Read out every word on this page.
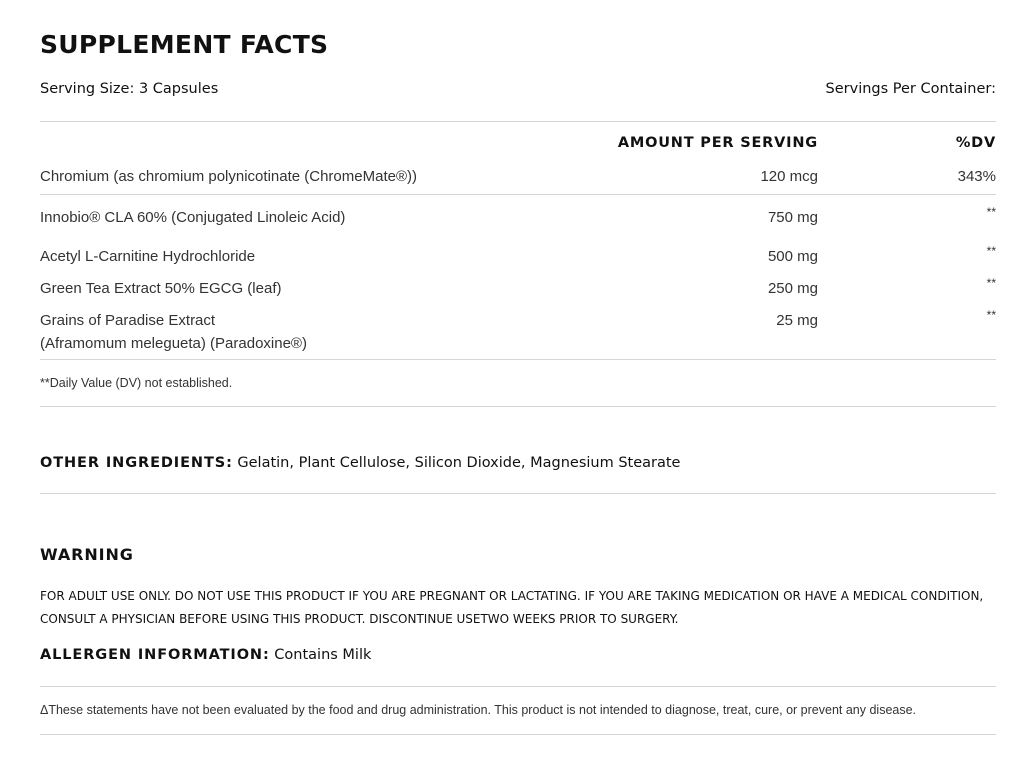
SUPPLEMENT FACTS
Serving Size: 3 Capsules	Servings Per Container:
AMOUNT PER SERVING	%DV
Chromium (as chromium polynicotinate (ChromeMate®))	120 mcg	343%
Innobio® CLA 60% (Conjugated Linoleic Acid)	750 mg	**
Acetyl L-Carnitine Hydrochloride	500 mg	**
Green Tea Extract 50% EGCG (leaf)	250 mg	**
Grains of Paradise Extract
(Aframomum melegueta) (Paradoxine®)
25 mg	**
**Daily Value (DV) not established.
OTHER INGREDIENTS: Gelatin, Plant Cellulose, Silicon Dioxide, Magnesium Stearate
WARNING
FOR ADULT USE ONLY. DO NOT USE THIS PRODUCT IF YOU ARE PREGNANT OR LACTATING. IF YOU ARE TAKING MEDICATION OR HAVE A MEDICAL CONDITION,
CONSULT A PHYSICIAN BEFORE USING THIS PRODUCT. DISCONTINUE USETWO WEEKS PRIOR TO SURGERY.
ALLERGEN INFORMATION: Contains Milk
ΔThese statements have not been evaluated by the food and drug administration. This product is not intended to diagnose, treat, cure, or prevent any disease.
